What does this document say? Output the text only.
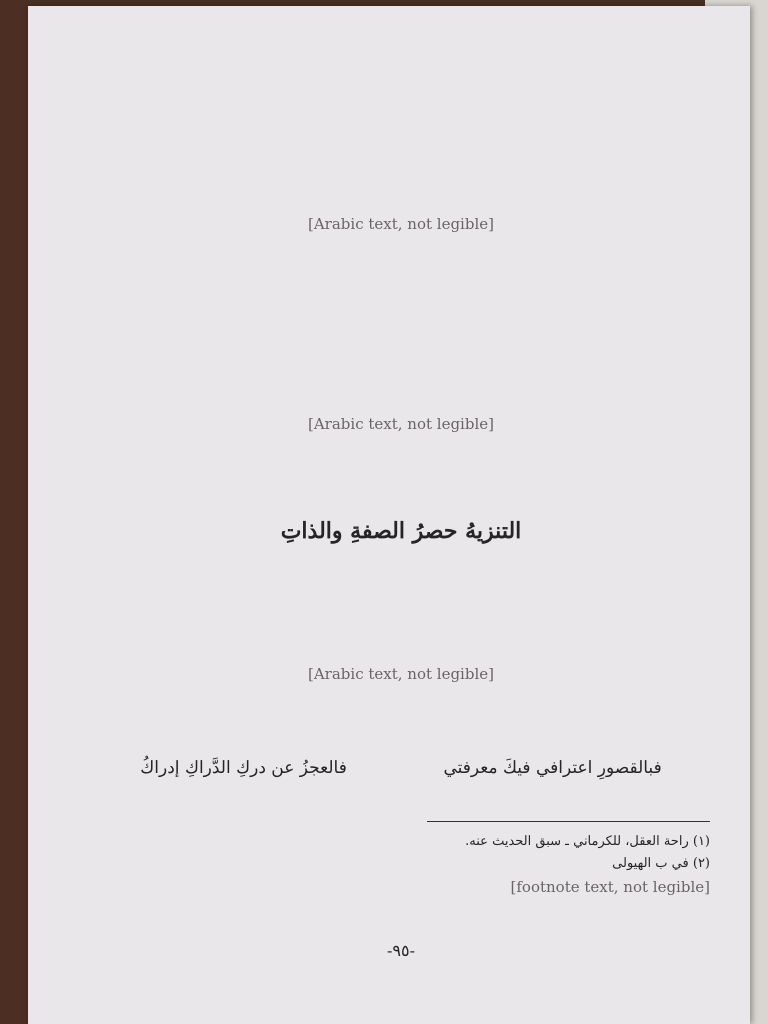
[Arabic text, not legible]
[Arabic text, not legible]
التنزيهُ حصرُ الصفةِ والذاتِ
[Arabic text, not legible]
فبالقصورِ اعترافي فيكَ معرفتي
فالعجزُ عن دركِ الدَّراكِ إدراكُ
(١) راحة العقل، للكرماني ـ سبق الحديث عنه.
(٢) في ب الهيولى
[footnote text, not legible]
-٩٥-
